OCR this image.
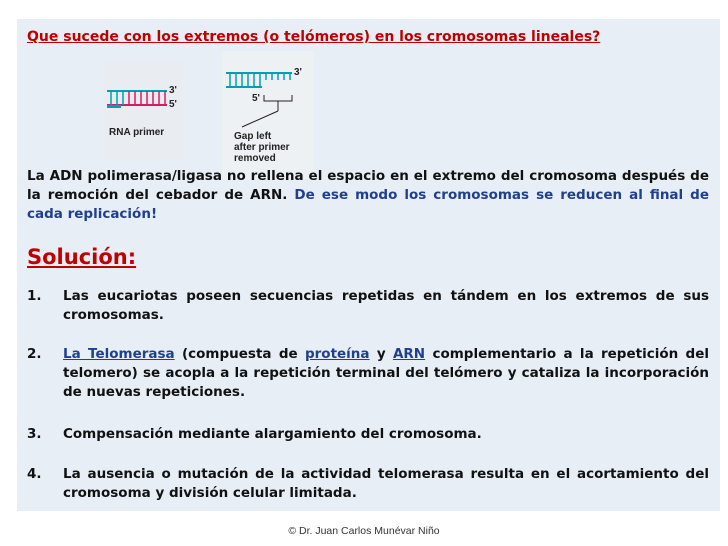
Que sucede con los extremos (o telómeros) en los cromosomas lineales?
3'
5'
RNA primer
3'
5'
Gap left
after primer
removed
La ADN polimerasa/ligasa no rellena el espacio en el extremo del cromosoma después de la remoción del cebador de ARN. De ese modo los cromosomas se reducen al final de cada replicación!
Solución:
1. Las eucariotas poseen secuencias repetidas en tándem en los extremos de sus cromosomas.
2. La Telomerasa (compuesta de proteína y ARN complementario a la repetición del telomero) se acopla a la repetición terminal del telómero y cataliza la incorporación de nuevas repeticiones.
3. Compensación mediante alargamiento del cromosoma.
4. La ausencia o mutación de la actividad telomerasa resulta en el acortamiento del cromosoma y división celular limitada.
© Dr. Juan Carlos Munévar Niño
